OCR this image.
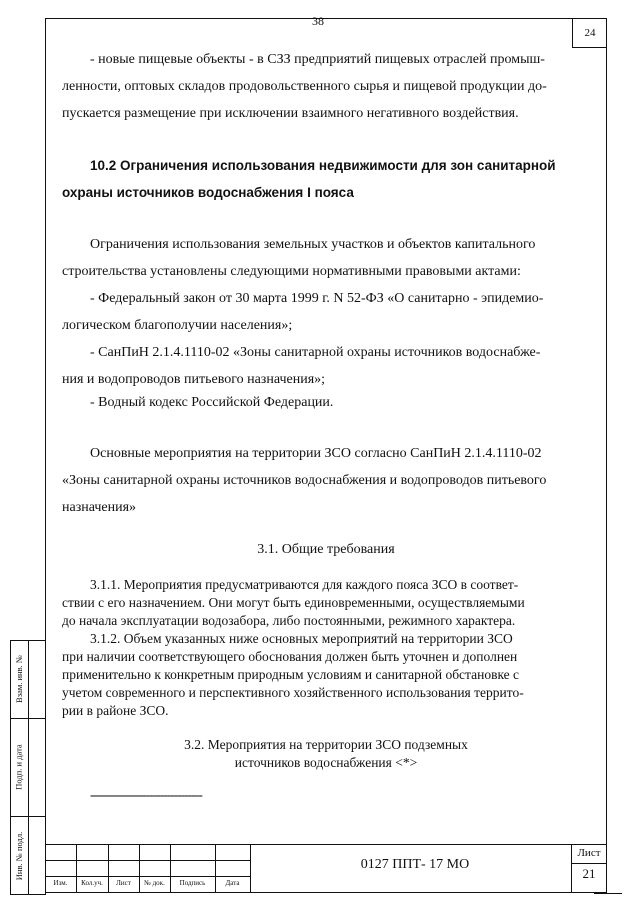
38
24
- новые пищевые объекты - в СЗЗ предприятий пищевых отраслей промыш-
ленности, оптовых складов продовольственного сырья и пищевой продукции до-
пускается размещение при исключении взаимного негативного воздействия.
10.2 Ограничения использования недвижимости для зон санитарной
охраны источников водоснабжения I пояса
Ограничения использования земельных участков и объектов капитального
строительства установлены следующими нормативными правовыми актами:
- Федеральный закон от 30 марта 1999 г. N 52-ФЗ «О санитарно - эпидемио-
логическом благополучии населения»;
- СанПиН 2.1.4.1110-02 «Зоны санитарной охраны источников водоснабже-
ния и водопроводов питьевого назначения»;
- Водный кодекс Российской Федерации.
Основные мероприятия на территории ЗСО согласно СанПиН 2.1.4.1110-02
«Зоны санитарной охраны источников водоснабжения и водопроводов питьевого
назначения»
3.1. Общие требования
3.1.1. Мероприятия предусматриваются для каждого пояса ЗСО в соответ-
ствии с его назначением. Они могут быть единовременными, осуществляемыми
до начала эксплуатации водозабора, либо постоянными, режимного характера.
3.1.2. Объем указанных ниже основных мероприятий на территории ЗСО
при наличии соответствующего обоснования должен быть уточнен и дополнен
применительно к конкретным природным условиям и санитарной обстановке с
учетом современного и перспективного хозяйственного использования террито-
рии в районе ЗСО.
3.2. Мероприятия на территории ЗСО подземных
источников водоснабжения <*>
--------------------------------
Взам. инв. №
Подп. и дата
Инв. № подл.
Изм.	Кол.уч.	Лист	№ док.	Подпись	Дата
0127 ППТ- 17 МО
Лист
21
